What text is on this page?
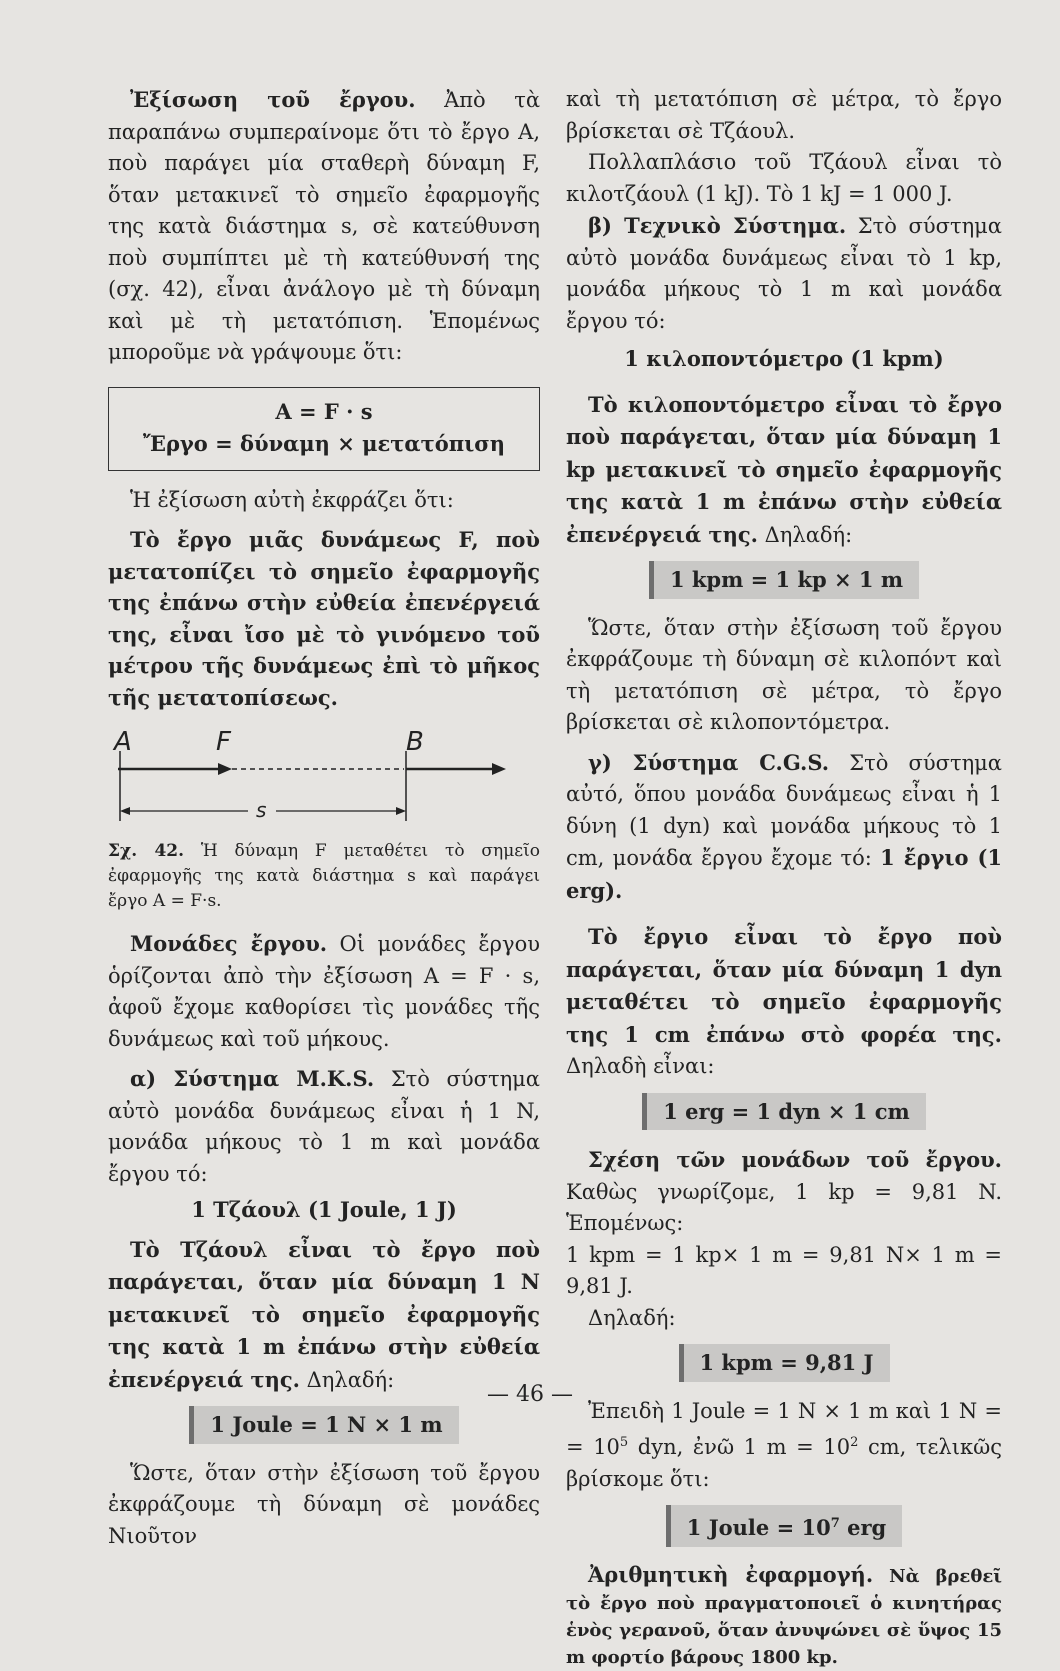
Ἐξίσωση τοῦ ἔργου. Ἀπὸ τὰ παραπάνω συμπεραίνομε ὅτι τὸ ἔργο A, ποὺ παράγει μία σταθερὴ δύναμη F, ὅταν μετακινεῖ τὸ σημεῖο ἐφαρμογῆς της κατὰ διάστημα s, σὲ κατεύθυνση ποὺ συμπίπτει μὲ τὴ κατεύθυνσή της (σχ. 42), εἶναι ἀνάλογο μὲ τὴ δύναμη καὶ μὲ τὴ μετατόπιση. Ἑπομένως μποροῦμε νὰ γράψουμε ὅτι:

A = F · s
Ἔργο = δύναμη × μετατόπιση

Ἡ ἐξίσωση αὐτὴ ἐκφράζει ὅτι:

Τὸ ἔργο μιᾶς δυνάμεως F, ποὺ μετατοπίζει τὸ σημεῖο ἐφαρμογῆς της ἐπάνω στὴν εὐθεία ἐπενέργειά της, εἶναι ἴσο μὲ τὸ γινόμενο τοῦ μέτρου τῆς δυνάμεως ἐπὶ τὸ μῆκος τῆς μετατοπίσεως.

A	F	B
s

Σχ. 42. Ἡ δύναμη F μεταθέτει τὸ σημεῖο ἐφαρμογῆς της κατὰ διάστημα s καὶ παράγει ἔργο A = F·s.

Μονάδες ἔργου. Οἱ μονάδες ἔργου ὁρίζονται ἀπὸ τὴν ἐξίσωση A = F · s, ἀφοῦ ἔχομε καθορίσει τὶς μονάδες τῆς δυνάμεως καὶ τοῦ μήκους.

α) Σύστημα M.K.S. Στὸ σύστημα αὐτὸ μονάδα δυνάμεως εἶναι ἡ 1 N, μονάδα μήκους τὸ 1 m καὶ μονάδα ἔργου τό:

1 Τζάουλ (1 Joule, 1 J)

Τὸ Τζάουλ εἶναι τὸ ἔργο ποὺ παράγεται, ὅταν μία δύναμη 1 N μετακινεῖ τὸ σημεῖο ἐφαρμογῆς της κατὰ 1 m ἐπάνω στὴν εὐθεία ἐπενέργειά της. Δηλαδή:

1 Joule = 1 N × 1 m

Ὥστε, ὅταν στὴν ἐξίσωση τοῦ ἔργου ἐκφράζουμε τὴ δύναμη σὲ μονάδες Νιοῦτον

καὶ τὴ μετατόπιση σὲ μέτρα, τὸ ἔργο βρίσκεται σὲ Τζάουλ.

Πολλαπλάσιο τοῦ Τζάουλ εἶναι τὸ κιλοτζάουλ (1 kJ). Τὸ 1 kJ = 1 000 J.

β) Τεχνικὸ Σύστημα. Στὸ σύστημα αὐτὸ μονάδα δυνάμεως εἶναι τὸ 1 kp, μονάδα μήκους τὸ 1 m καὶ μονάδα ἔργου τό:

1 κιλοποντόμετρο (1 kpm)

Τὸ κιλοποντόμετρο εἶναι τὸ ἔργο ποὺ παράγεται, ὅταν μία δύναμη 1 kp μετακινεῖ τὸ σημεῖο ἐφαρμογῆς της κατὰ 1 m ἐπάνω στὴν εὐθεία ἐπενέργειά της. Δηλαδή:

1 kpm = 1 kp × 1 m

Ὥστε, ὅταν στὴν ἐξίσωση τοῦ ἔργου ἐκφράζουμε τὴ δύναμη σὲ κιλοπόντ καὶ τὴ μετατόπιση σὲ μέτρα, τὸ ἔργο βρίσκεται σὲ κιλοποντόμετρα.

γ) Σύστημα C.G.S. Στὸ σύστημα αὐτό, ὅπου μονάδα δυνάμεως εἶναι ἡ 1 δύνη (1 dyn) καὶ μονάδα μήκους τὸ 1 cm, μονάδα ἔργου ἔχομε τό: 1 ἔργιο (1 erg).

Τὸ ἔργιο εἶναι τὸ ἔργο ποὺ παράγεται, ὅταν μία δύναμη 1 dyn μεταθέτει τὸ σημεῖο ἐφαρμογῆς της 1 cm ἐπάνω στὸ φορέα της. Δηλαδὴ εἶναι:

1 erg = 1 dyn × 1 cm

Σχέση τῶν μονάδων τοῦ ἔργου. Καθὼς γνωρίζομε, 1 kp = 9,81 N. Ἑπομένως:

1 kpm = 1 kp× 1 m = 9,81 N× 1 m = 9,81 J.

Δηλαδή:

1 kpm = 9,81 J

Ἐπειδὴ 1 Joule = 1 N × 1 m καὶ 1 N = = $10^5$ dyn, ἐνῶ 1 $m = 10^2$ cm, τελικῶς βρίσκομε ὅτι:

1 Joule = $10^7$ erg

Ἀριθμητικὴ ἐφαρμογή. Νὰ βρεθεῖ τὸ ἔργο ποὺ πραγματοποιεῖ ὁ κινητήρας ἑνὸς γερανοῦ, ὅταν ἀνυψώνει σὲ ὕψος 15 m φορτίο βάρους 1800 kp.

— 46 —
